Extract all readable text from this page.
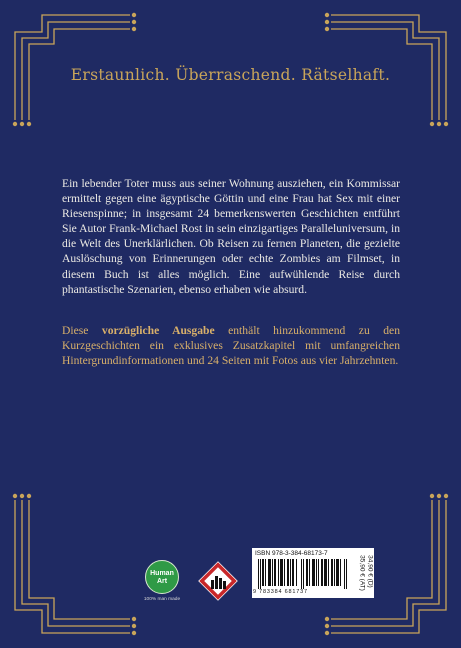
Erstaunlich. Überraschend. Rätselhaft.
Ein lebender Toter muss aus seiner Wohnung ausziehen, ein Kommissar ermittelt gegen eine ägyptische Göttin und eine Frau hat Sex mit einer Riesenspinne; in insgesamt 24 bemerkenswerten Geschichten entführt Sie Autor Frank-Michael Rost in sein einzigartiges Paralleluniversum, in die Welt des Unerklärlichen. Ob Reisen zu fernen Planeten, die gezielte Auslöschung von Erinnerungen oder echte Zombies am Filmset, in diesem Buch ist alles möglich. Eine aufwühlende Reise durch phantastische Szenarien, ebenso erhaben wie absurd.
Diese vorzügliche Ausgabe enthält hinzukommend zu den Kurzgeschichten ein exklusives Zusatzkapitel mit umfangreichen Hintergrundinformationen und 24 Seiten mit Fotos aus vier Jahrzehnten.
Human
Art
100% man made
ISBN 978-3-384-68173-7
9 783384 681737
34,90 € (D)
35,90 € (AT)
